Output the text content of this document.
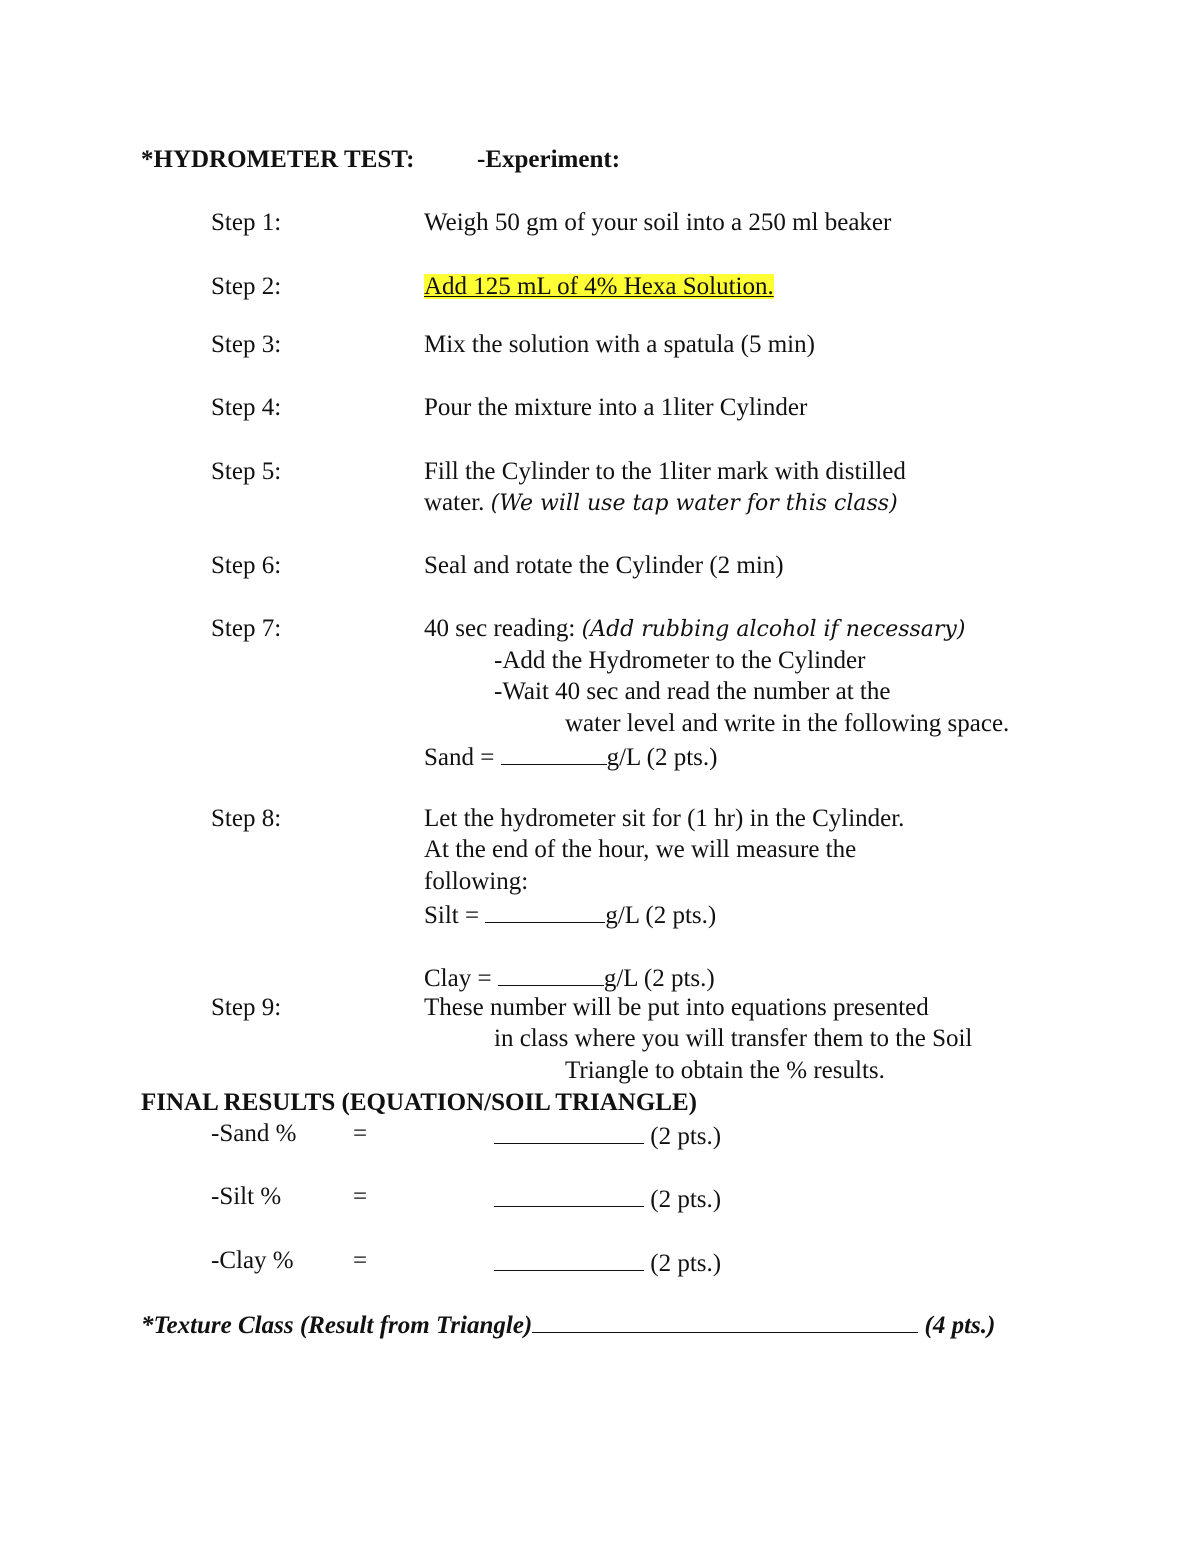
*HYDROMETER TEST:	-Experiment:
Step 1:	Weigh 50 gm of your soil into a 250 ml beaker
Step 2:	Add 125 mL of 4% Hexa Solution.
Step 3:	Mix the solution with a spatula (5 min)
Step 4:	Pour the mixture into a 1liter Cylinder
Step 5:	Fill the Cylinder to the 1liter mark with distilled
water. (We will use tap water for this class)
Step 6:	Seal and rotate the Cylinder (2 min)
Step 7:	40 sec reading: (Add rubbing alcohol if necessary)
-Add the Hydrometer to the Cylinder
-Wait 40 sec and read the number at the
water level and write in the following space.
Sand =	g/L (2 pts.)
Step 8:	Let the hydrometer sit for (1 hr) in the Cylinder.
At the end of the hour, we will measure the
following:
Silt =	g/L (2 pts.)
Clay =	g/L (2 pts.)
Step 9:	These number will be put into equations presented
in class where you will transfer them to the Soil
Triangle to obtain the % results.
FINAL RESULTS (EQUATION/SOIL TRIANGLE)
-Sand % =	(2 pts.)
-Silt %	=	(2 pts.)
-Clay % =	(2 pts.)
*Texture Class (Result from Triangle)	(4 pts.)
